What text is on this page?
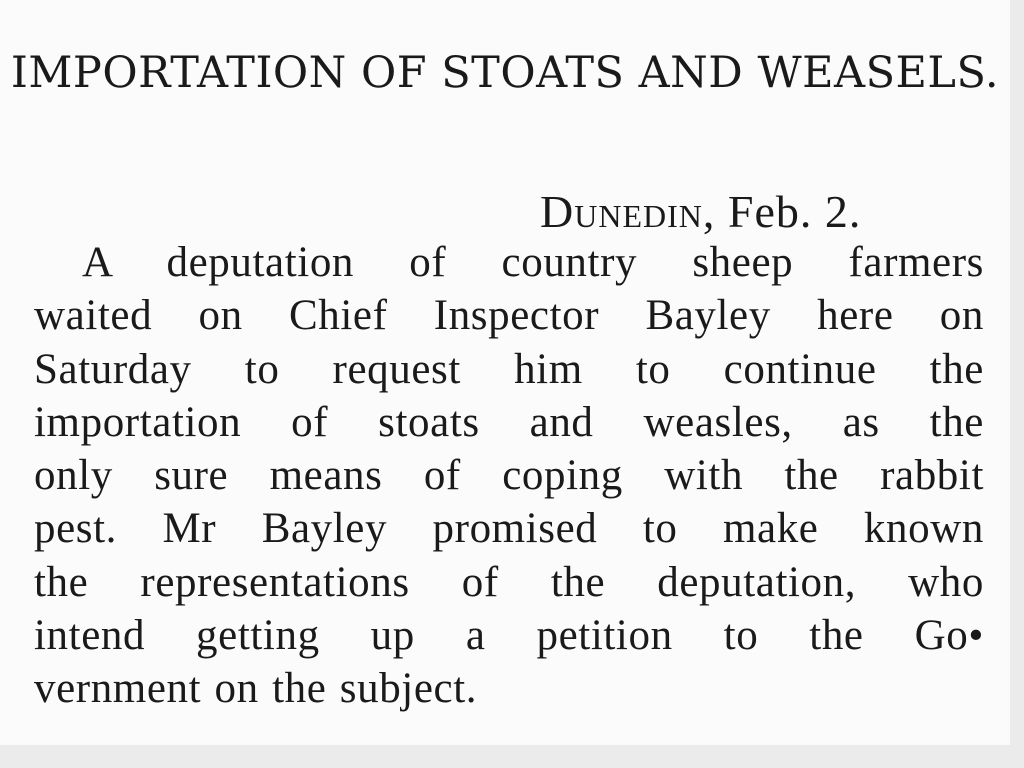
IMPORTATION OF STOATS AND WEASELS.
Dunedin, Feb. 2.
A deputation of country sheep farmers
waited on Chief Inspector Bayley here on
Saturday to request him to continue the
importation of stoats and weasles, as the
only sure means of coping with the rabbit
pest. Mr Bayley promised to make known
the representations of the deputation, who
intend getting up a petition to the Go•
vernment on the subject.
